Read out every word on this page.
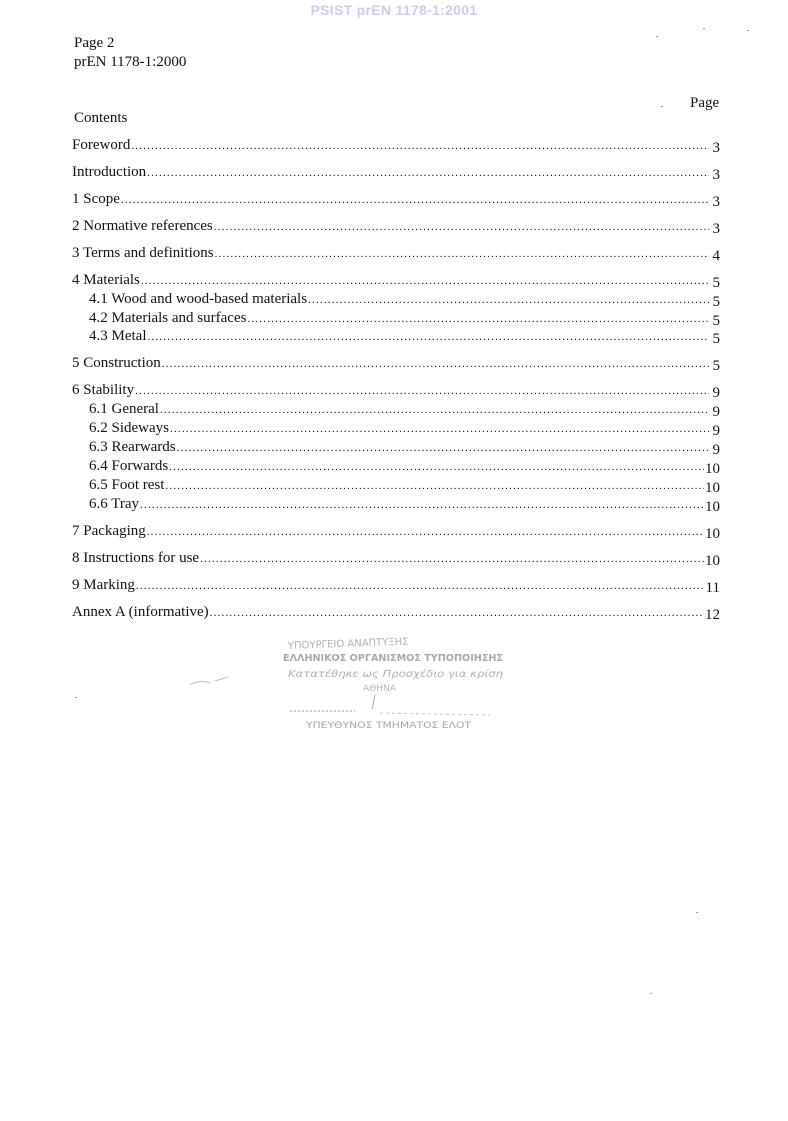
PSIST prEN 1178-1:2001
Page 2
prEN 1178-1:2000
Page
Contents
Foreword .....	3
Introduction .....	3
1 Scope .....	3
2 Normative references .....	3
3 Terms and definitions .....	4
4 Materials .....	5
4.1 Wood and wood-based materials .....	5
4.2 Materials and surfaces .....	5
4.3 Metal .....	5
5 Construction .....	5
6 Stability .....	9
6.1 General .....	9
6.2 Sideways .....	9
6.3 Rearwards .....	9
6.4 Forwards .....	10
6.5 Foot rest .....	10
6.6 Tray .....	10
7 Packaging .....	10
8 Instructions for use .....	10
9 Marking .....	11
Annex A (informative) .....	12
ΥΠΟΥΡΓΕΙΟ ΑΝΑΠΤΥΞΗΣ
ΕΛΛΗΝΙΚΟΣ ΟΡΓΑΝΙΣΜΟΣ ΤΥΠΟΠΟΙΗΣΗΣ
Κατατέθηκε ως Προσχέδιο για κρίση
ΑΘΗΝΑ
ΥΠΕΥΘΥΝΟΣ ΤΜΗΜΑΤΟΣ ΕΛΟΤ
